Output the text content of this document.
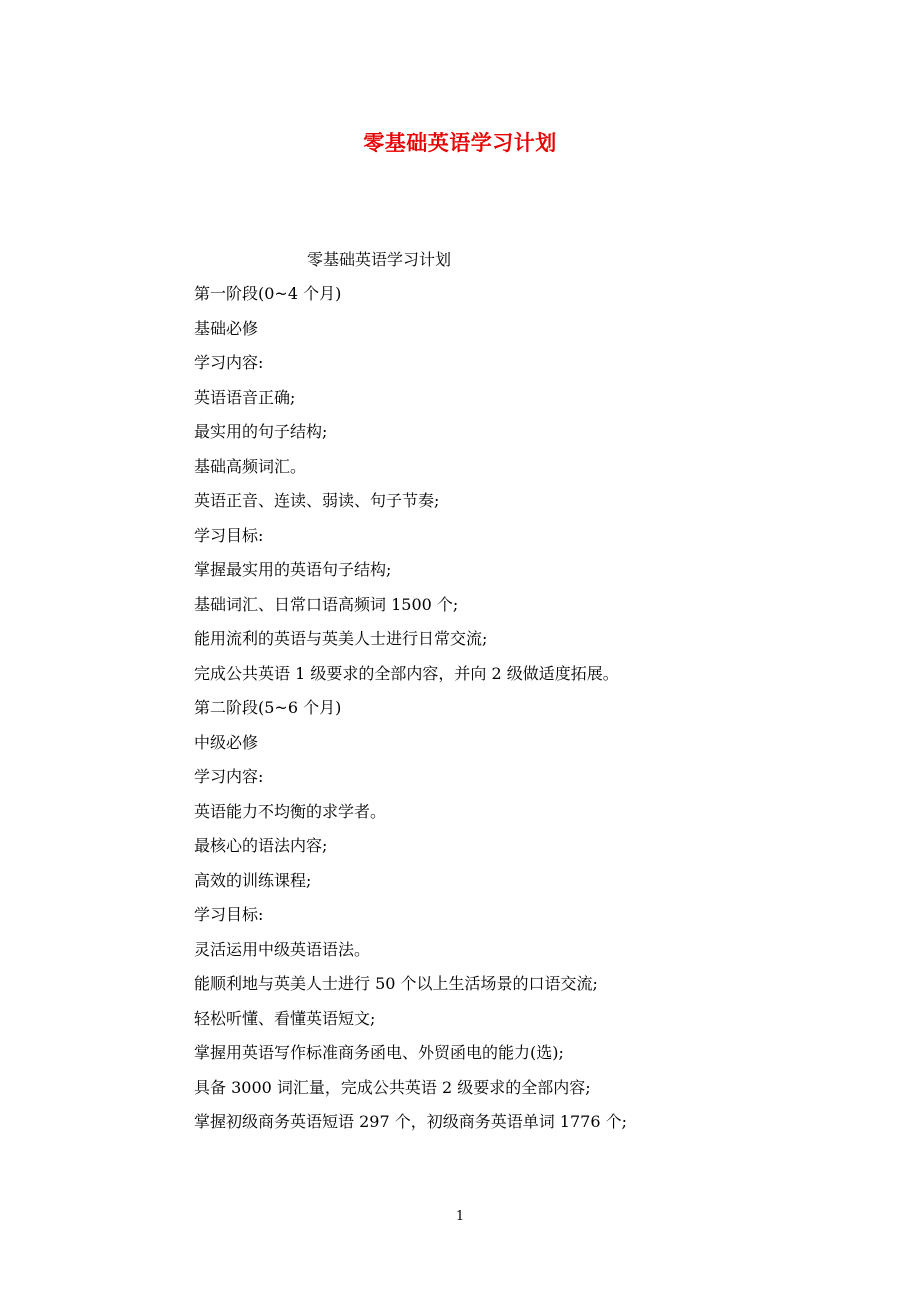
零基础英语学习计划
零基础英语学习计划
第一阶段(0~4 个月)
基础必修
学习内容:
英语语音正确;
最实用的句子结构;
基础高频词汇。
英语正音、连读、弱读、句子节奏;
学习目标:
掌握最实用的英语句子结构;
基础词汇、日常口语高频词 1500 个;
能用流利的英语与英美人士进行日常交流;
完成公共英语 1 级要求的全部内容，并向 2 级做适度拓展。
第二阶段(5~6 个月)
中级必修
学习内容:
英语能力不均衡的求学者。
最核心的语法内容;
高效的训练课程;
学习目标:
灵活运用中级英语语法。
能顺利地与英美人士进行 50 个以上生活场景的口语交流;
轻松听懂、看懂英语短文;
掌握用英语写作标准商务函电、外贸函电的能力(选);
具备 3000 词汇量，完成公共英语 2 级要求的全部内容;
掌握初级商务英语短语 297 个，初级商务英语单词 1776 个;
1
